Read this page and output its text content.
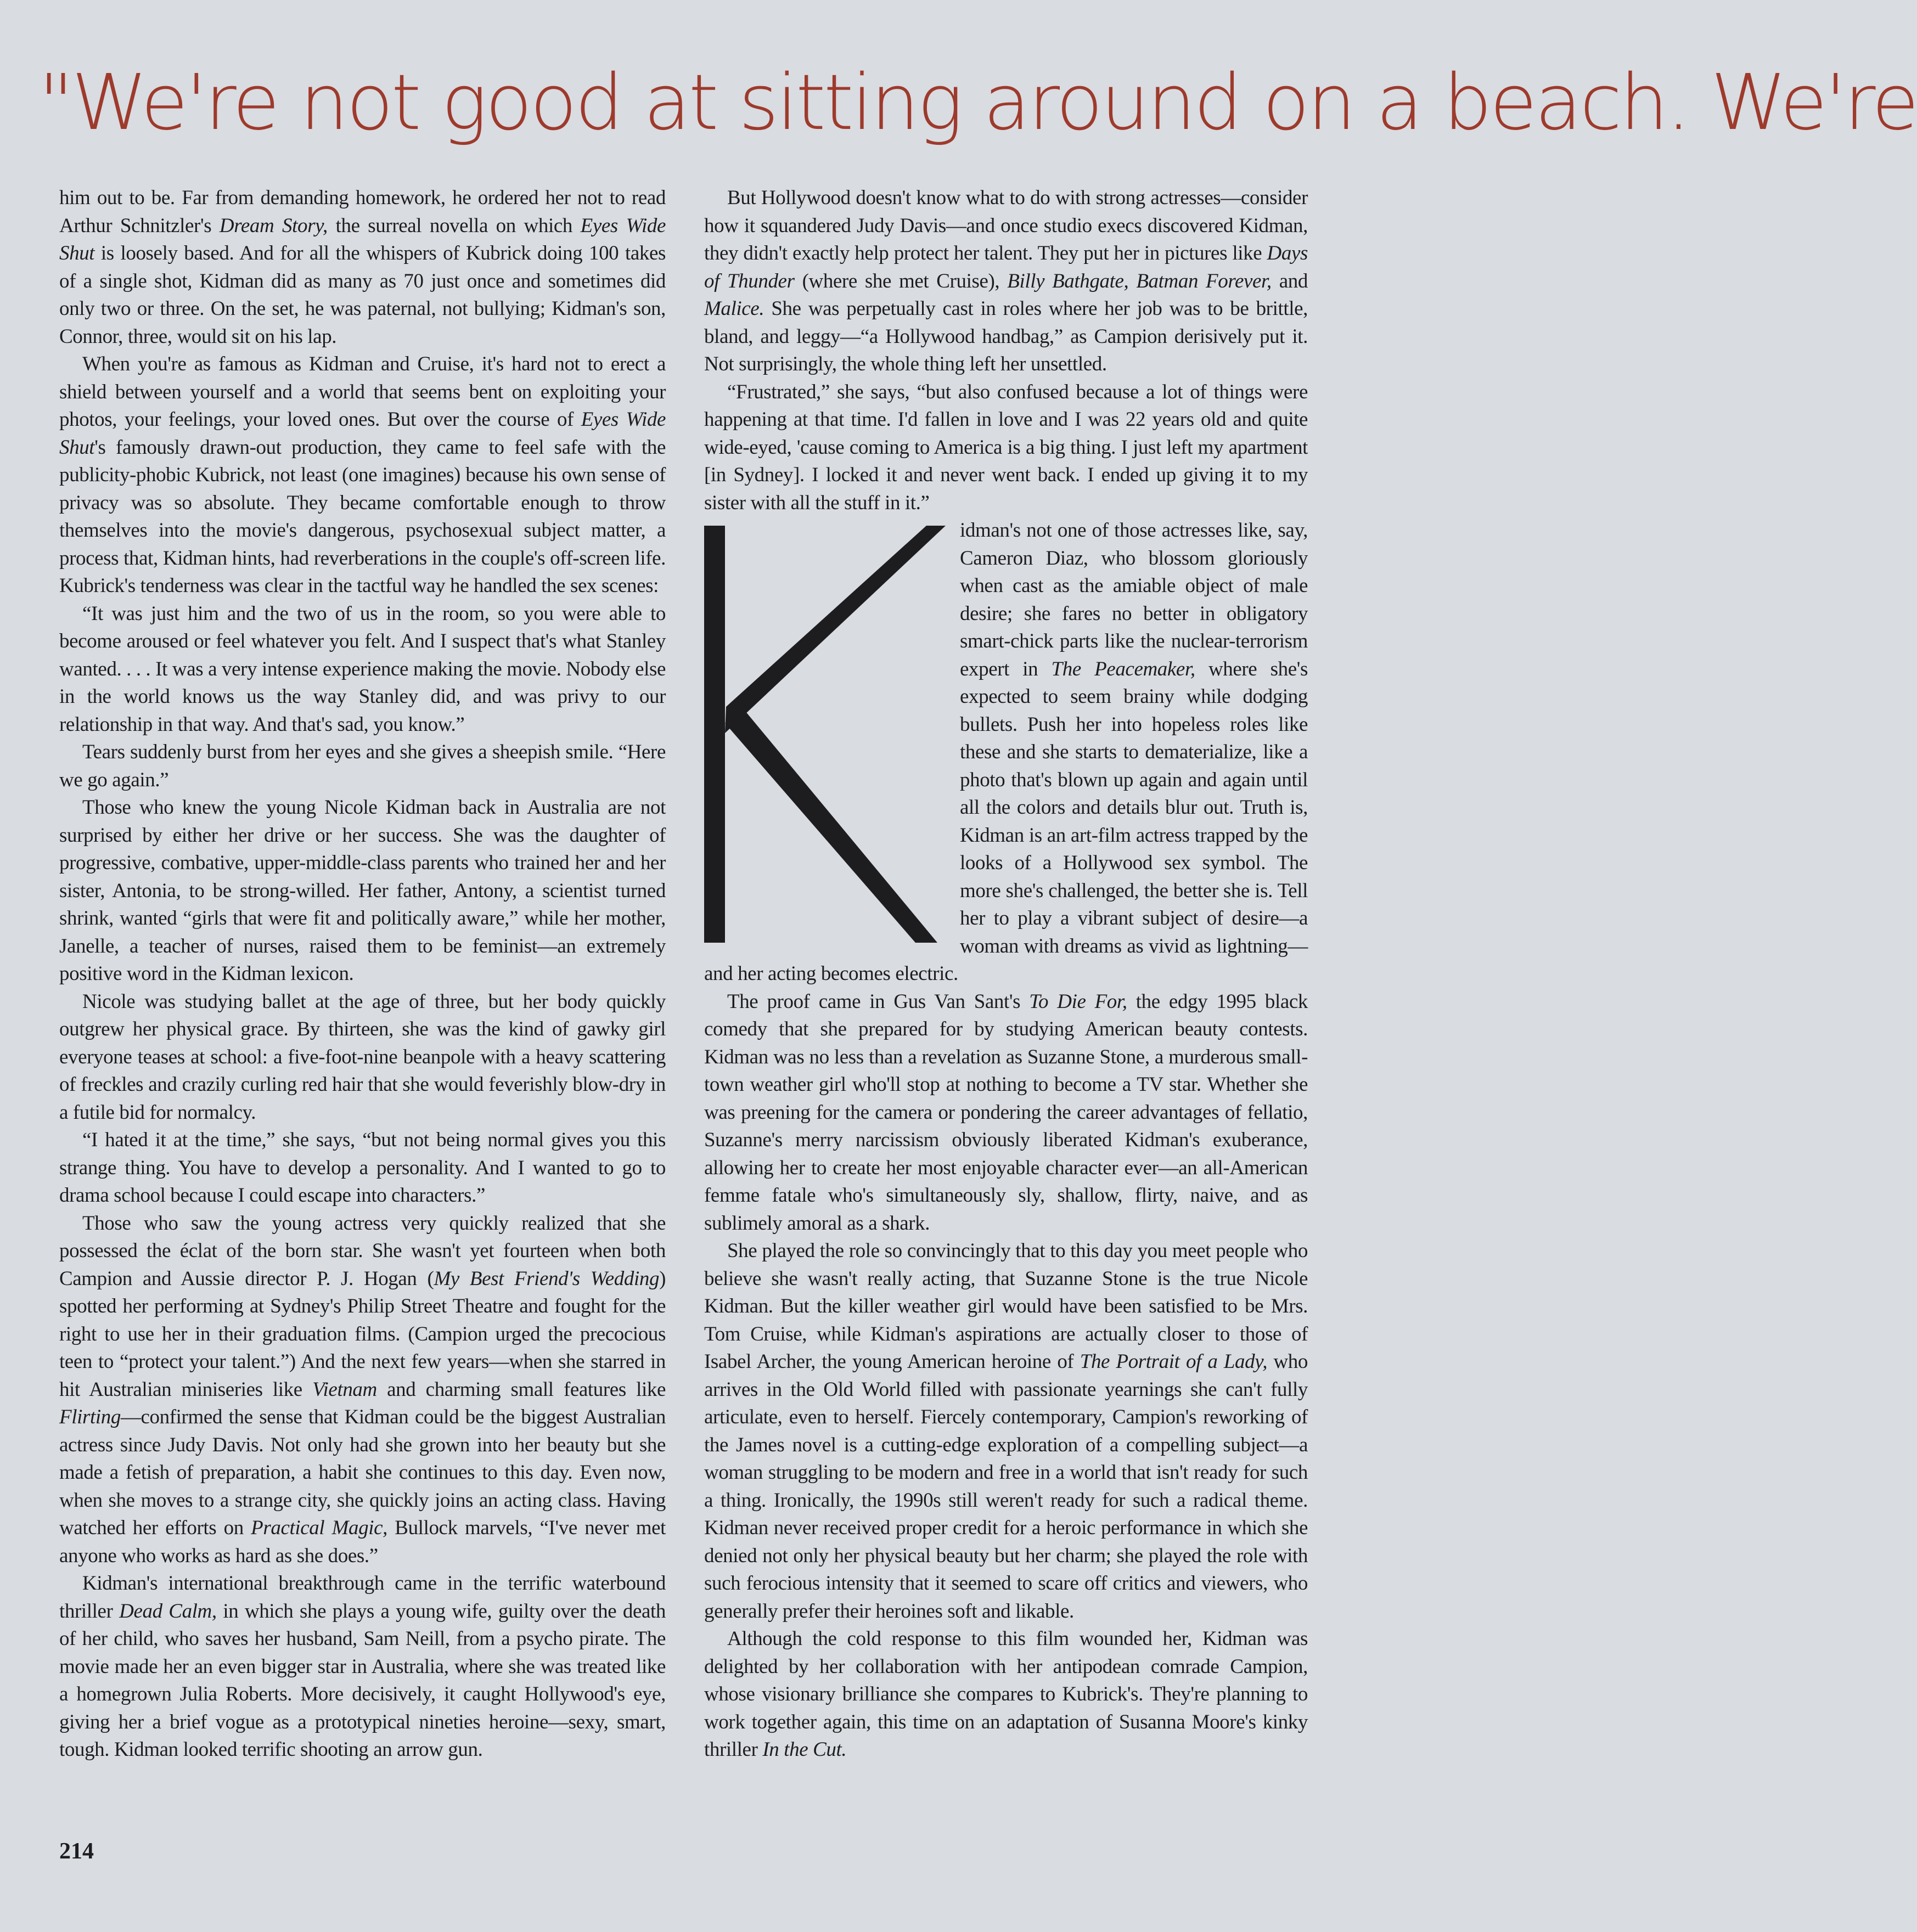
"We're not good at sitting around on a beach. We're

him out to be. Far from demanding homework, he ordered her not to read Arthur Schnitzler's Dream Story, the surreal novella on which Eyes Wide Shut is loosely based. And for all the whispers of Kubrick doing 100 takes of a single shot, Kidman did as many as 70 just once and sometimes did only two or three. On the set, he was paternal, not bullying; Kidman's son, Connor, three, would sit on his lap.

When you're as famous as Kidman and Cruise, it's hard not to erect a shield between yourself and a world that seems bent on exploiting your photos, your feelings, your loved ones. But over the course of Eyes Wide Shut's famously drawn-out production, they came to feel safe with the publicity-phobic Kubrick, not least (one imagines) because his own sense of privacy was so absolute. They became comfortable enough to throw themselves into the movie's dangerous, psychosexual subject matter, a process that, Kidman hints, had reverberations in the couple's off-screen life. Kubrick's tenderness was clear in the tactful way he handled the sex scenes:

“It was just him and the two of us in the room, so you were able to become aroused or feel whatever you felt. And I suspect that's what Stanley wanted. . . . It was a very intense experience making the movie. Nobody else in the world knows us the way Stanley did, and was privy to our relationship in that way. And that's sad, you know.”

Tears suddenly burst from her eyes and she gives a sheepish smile. “Here we go again.”

Those who knew the young Nicole Kidman back in Australia are not surprised by either her drive or her success. She was the daughter of progressive, combative, upper-middle-class parents who trained her and her sister, Antonia, to be strong-willed. Her father, Antony, a scientist turned shrink, wanted “girls that were fit and politically aware,” while her mother, Janelle, a teacher of nurses, raised them to be feminist—an extremely positive word in the Kidman lexicon.

Nicole was studying ballet at the age of three, but her body quickly outgrew her physical grace. By thirteen, she was the kind of gawky girl everyone teases at school: a five-foot-nine beanpole with a heavy scattering of freckles and crazily curling red hair that she would feverishly blow-dry in a futile bid for normalcy.

“I hated it at the time,” she says, “but not being normal gives you this strange thing. You have to develop a personality. And I wanted to go to drama school because I could escape into characters.”

Those who saw the young actress very quickly realized that she possessed the éclat of the born star. She wasn't yet fourteen when both Campion and Aussie director P. J. Hogan (My Best Friend's Wedding) spotted her performing at Sydney's Philip Street Theatre and fought for the right to use her in their graduation films. (Campion urged the precocious teen to “protect your talent.”) And the next few years—when she starred in hit Australian miniseries like Vietnam and charming small features like Flirting—confirmed the sense that Kidman could be the biggest Australian actress since Judy Davis. Not only had she grown into her beauty but she made a fetish of preparation, a habit she continues to this day. Even now, when she moves to a strange city, she quickly joins an acting class. Having watched her efforts on Practical Magic, Bullock marvels, “I've never met anyone who works as hard as she does.”

Kidman's international breakthrough came in the terrific waterbound thriller Dead Calm, in which she plays a young wife, guilty over the death of her child, who saves her husband, Sam Neill, from a psycho pirate. The movie made her an even bigger star in Australia, where she was treated like a homegrown Julia Roberts. More decisively, it caught Hollywood's eye, giving her a brief vogue as a prototypical nineties heroine—sexy, smart, tough. Kidman looked terrific shooting an arrow gun.

But Hollywood doesn't know what to do with strong actresses—consider how it squandered Judy Davis—and once studio execs discovered Kidman, they didn't exactly help protect her talent. They put her in pictures like Days of Thunder (where she met Cruise), Billy Bathgate, Batman Forever, and Malice. She was perpetually cast in roles where her job was to be brittle, bland, and leggy—“a Hollywood handbag,” as Campion derisively put it. Not surprisingly, the whole thing left her unsettled.

“Frustrated,” she says, “but also confused because a lot of things were happening at that time. I'd fallen in love and I was 22 years old and quite wide-eyed, 'cause coming to America is a big thing. I just left my apartment [in Sydney]. I locked it and never went back. I ended up giving it to my sister with all the stuff in it.”

idman's not one of those actresses like, say, Cameron Diaz, who blossom gloriously when cast as the amiable object of male desire; she fares no better in obligatory smart-chick parts like the nuclear-terrorism expert in The Peacemaker, where she's expected to seem brainy while dodging bullets. Push her into hopeless roles like these and she starts to dematerialize, like a photo that's blown up again and again until all the colors and details blur out. Truth is, Kidman is an art-film actress trapped by the looks of a Hollywood sex symbol. The more she's challenged, the better she is. Tell her to play a vibrant subject of desire—a woman with dreams as vivid as lightning—and her acting becomes electric.

The proof came in Gus Van Sant's To Die For, the edgy 1995 black comedy that she prepared for by studying American beauty contests. Kidman was no less than a revelation as Suzanne Stone, a murderous small-town weather girl who'll stop at nothing to become a TV star. Whether she was preening for the camera or pondering the career advantages of fellatio, Suzanne's merry narcissism obviously liberated Kidman's exuberance, allowing her to create her most enjoyable character ever—an all-American femme fatale who's simultaneously sly, shallow, flirty, naive, and as sublimely amoral as a shark.

She played the role so convincingly that to this day you meet people who believe she wasn't really acting, that Suzanne Stone is the true Nicole Kidman. But the killer weather girl would have been satisfied to be Mrs. Tom Cruise, while Kidman's aspirations are actually closer to those of Isabel Archer, the young American heroine of The Portrait of a Lady, who arrives in the Old World filled with passionate yearnings she can't fully articulate, even to herself. Fiercely contemporary, Campion's reworking of the James novel is a cutting-edge exploration of a compelling subject—a woman struggling to be modern and free in a world that isn't ready for such a thing. Ironically, the 1990s still weren't ready for such a radical theme. Kidman never received proper credit for a heroic performance in which she denied not only her physical beauty but her charm; she played the role with such ferocious intensity that it seemed to scare off critics and viewers, who generally prefer their heroines soft and likable.

Although the cold response to this film wounded her, Kidman was delighted by her collaboration with her antipodean comrade Campion, whose visionary brilliance she compares to Kubrick's. They're planning to work together again, this time on an adaptation of Susanna Moore's kinky thriller In the Cut.

214
